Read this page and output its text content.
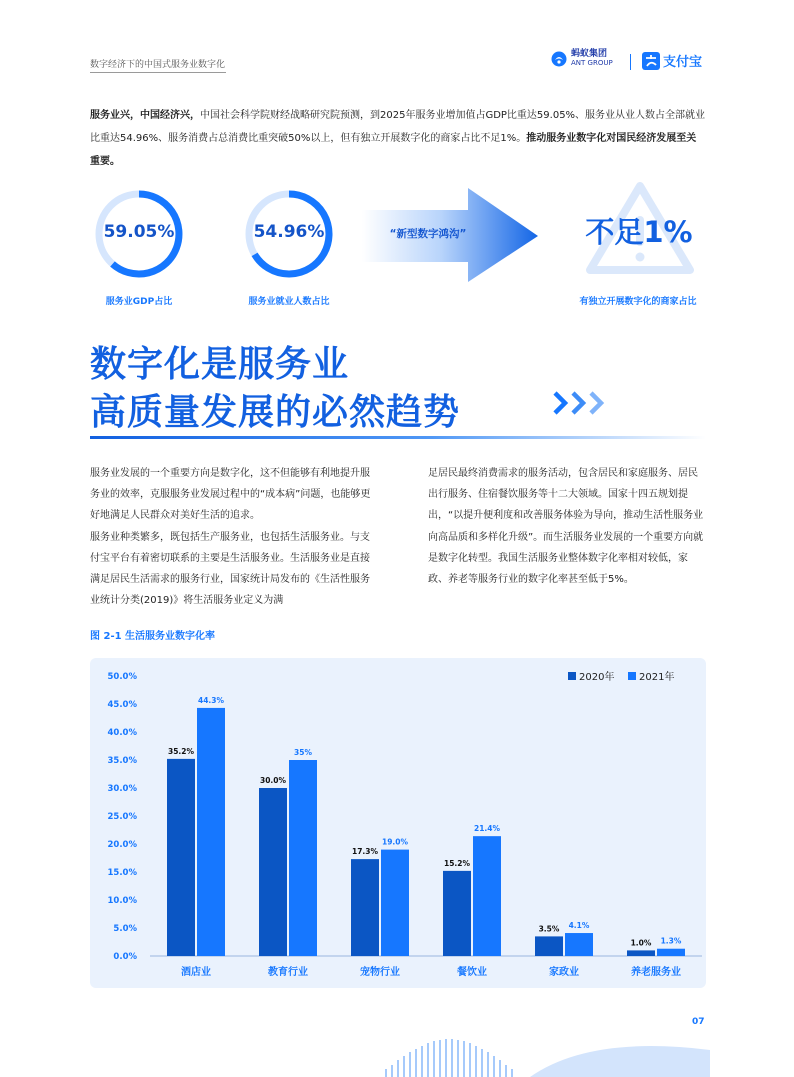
数字经济下的中国式服务业数字化
蚂蚁集团
ANT GROUP	支付宝
服务业兴，中国经济兴，中国社会科学院财经战略研究院预测，到2025年服务业增加值占GDP比重达59.05%、服务业从业人数占全部就业比重达54.96%、服务消费占总消费比重突破50%以上，但有独立开展数字化的商家占比不足1%。推动服务业数字化对国民经济发展至关重要。
59.05%
服务业GDP占比
54.96%
服务业就业人数占比
“新型数字鸿沟”	不足1%
有独立开展数字化的商家占比
数字化是服务业
高质量发展的必然趋势
服务业发展的一个重要方向是数字化，这不但能够有利地提升服务业的效率，克服服务业发展过程中的“成本病”问题，也能够更好地满足人民群众对美好生活的追求。
服务业种类繁多，既包括生产服务业，也包括生活服务业。与支付宝平台有着密切联系的主要是生活服务业。生活服务业是直接满足居民生活需求的服务行业，国家统计局发布的《生活性服务业统计分类(2019)》将生活服务业定义为满
足居民最终消费需求的服务活动，包含居民和家庭服务、居民出行服务、住宿餐饮服务等十二大领域。国家十四五规划提出，“以提升便利度和改善服务体验为导向，推动生活性服务业向高品质和多样化升级”。而生活服务业发展的一个重要方向就是数字化转型。我国生活服务业整体数字化率相对较低，家政、养老等服务行业的数字化率甚至低于5%。
图 2-1 生活服务业数字化率
0.0%
5.0%
10.0%
15.0%
20.0%
25.0%
30.0%
35.0%
40.0%
45.0%
50.0%
35.2%
44.3%
酒店业
30.0%
35%
教育行业
17.3%
19.0%
宠物行业
15.2%
21.4%
餐饮业
3.5% 4.1%
家政业
1.0% 1.3%
养老服务业
2020年 2021年
07
